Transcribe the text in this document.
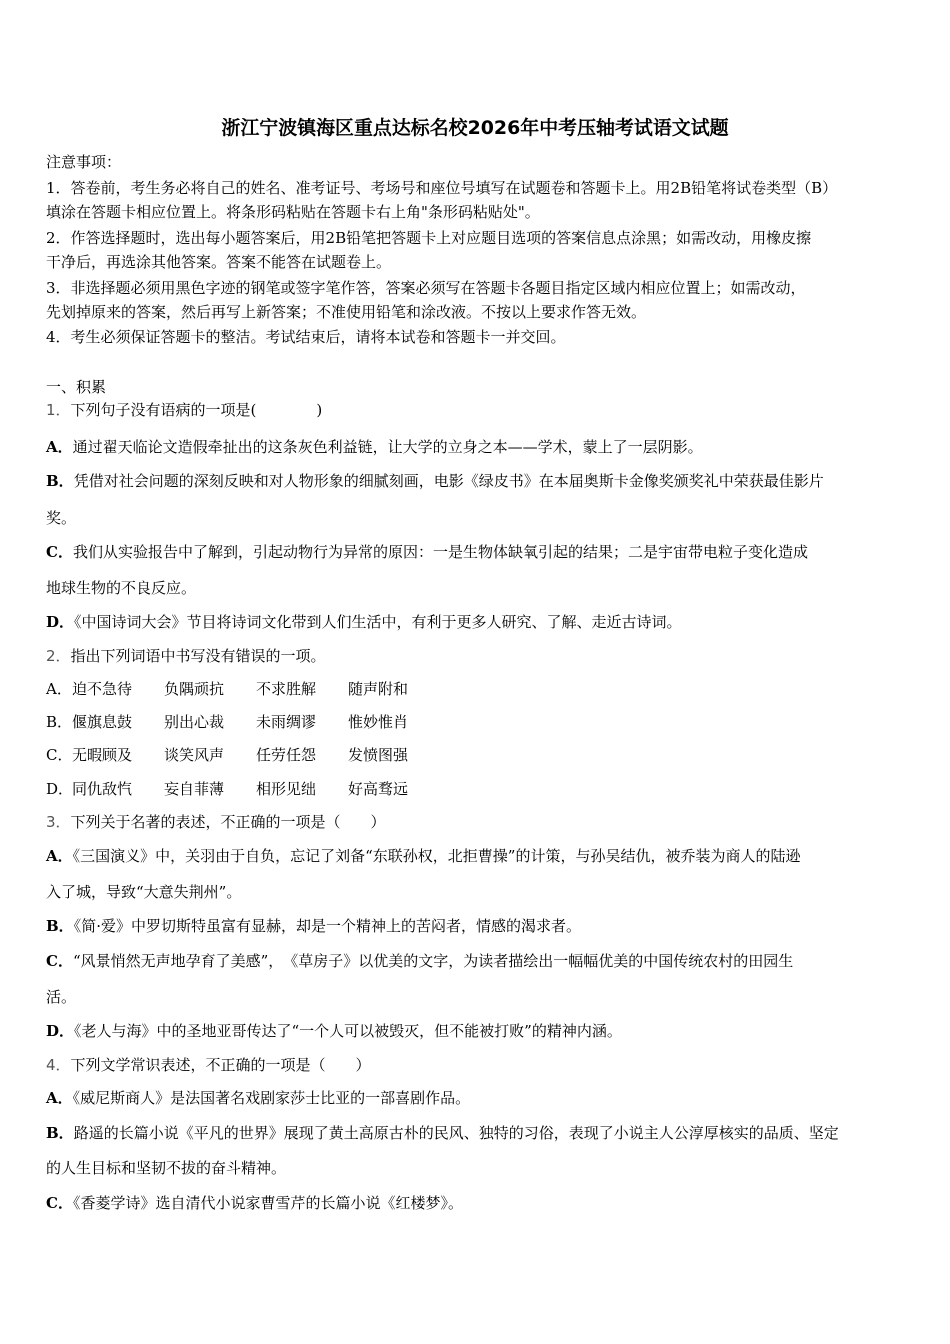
浙江宁波镇海区重点达标名校2026年中考压轴考试语文试题
注意事项：
1．答卷前，考生务必将自己的姓名、准考证号、考场号和座位号填写在试题卷和答题卡上。用2B铅笔将试卷类型（B）
填涂在答题卡相应位置上。将条形码粘贴在答题卡右上角"条形码粘贴处"。
2．作答选择题时，选出每小题答案后，用2B铅笔把答题卡上对应题目选项的答案信息点涂黑；如需改动，用橡皮擦
干净后，再选涂其他答案。答案不能答在试题卷上。
3．非选择题必须用黑色字迹的钢笔或签字笔作答，答案必须写在答题卡各题目指定区域内相应位置上；如需改动，
先划掉原来的答案，然后再写上新答案；不准使用铅笔和涂改液。不按以上要求作答无效。
4．考生必须保证答题卡的整洁。考试结束后，请将本试卷和答题卡一并交回。
一、积累
1．下列句子没有语病的一项是(　　　　)
A．通过翟天临论文造假牵扯出的这条灰色利益链，让大学的立身之本——学术，蒙上了一层阴影。
B．凭借对社会问题的深刻反映和对人物形象的细腻刻画，电影《绿皮书》在本届奥斯卡金像奖颁奖礼中荣获最佳影片
奖。
C．我们从实验报告中了解到，引起动物行为异常的原因：一是生物体缺氧引起的结果；二是宇宙带电粒子变化造成
地球生物的不良反应。
D．《中国诗词大会》节目将诗词文化带到人们生活中，有利于更多人研究、了解、走近古诗词。
2．指出下列词语中书写没有错误的一项。
A．迫不急待 负隅顽抗 不求胜解 随声附和
B．偃旗息鼓 别出心裁 未雨绸谬 惟妙惟肖
C．无暇顾及 谈笑风声 任劳任怨 发愤图强
D．同仇敌忾 妄自菲薄 相形见绌 好高骛远
3．下列关于名著的表述，不正确的一项是（　　）
A．《三国演义》中，关羽由于自负，忘记了刘备“东联孙权，北拒曹操”的计策，与孙吴结仇，被乔装为商人的陆逊
入了城，导致“大意失荆州”。
B．《简·爱》中罗切斯特虽富有显赫，却是一个精神上的苦闷者，情感的渴求者。
C．“风景悄然无声地孕育了美感”，　《草房子》以优美的文字，为读者描绘出一幅幅优美的中国传统农村的田园生
活。
D．《老人与海》中的圣地亚哥传达了“一个人可以被毁灭，但不能被打败”的精神内涵。
4．下列文学常识表述，不正确的一项是（　　）
A．《威尼斯商人》是法国著名戏剧家莎士比亚的一部喜剧作品。
B．路遥的长篇小说《平凡的世界》展现了黄土高原古朴的民风、独特的习俗，表现了小说主人公淳厚核实的品质、坚定
的人生目标和坚韧不拔的奋斗精神。
C．《香菱学诗》选自清代小说家曹雪芹的长篇小说《红楼梦》。
